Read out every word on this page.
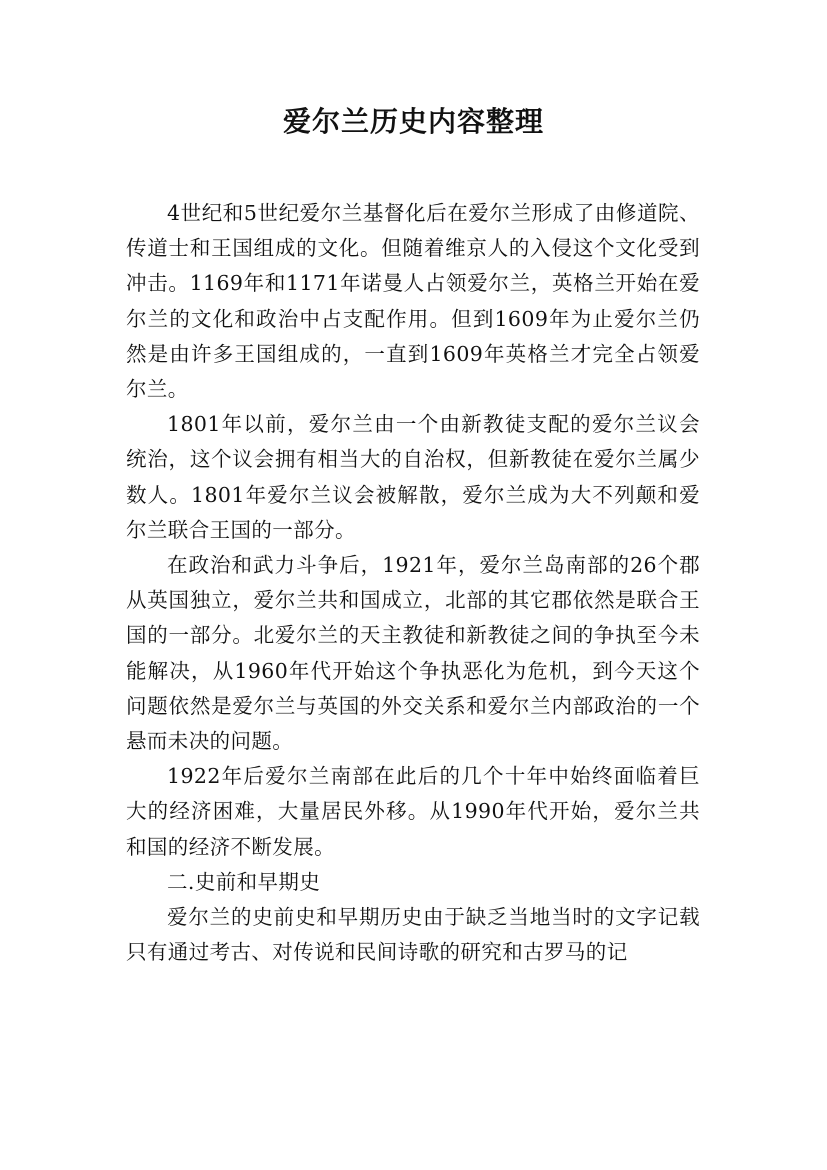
爱尔兰历史内容整理

4世纪和5世纪爱尔兰基督化后在爱尔兰形成了由修道院、传道士和王国组成的文化。但随着维京人的入侵这个文化受到冲击。1169年和1171年诺曼人占领爱尔兰，英格兰开始在爱尔兰的文化和政治中占支配作用。但到1609年为止爱尔兰仍然是由许多王国组成的，一直到1609年英格兰才完全占领爱尔兰。

1801年以前，爱尔兰由一个由新教徒支配的爱尔兰议会统治，这个议会拥有相当大的自治权，但新教徒在爱尔兰属少数人。1801年爱尔兰议会被解散，爱尔兰成为大不列颠和爱尔兰联合王国的一部分。

在政治和武力斗争后，1921年，爱尔兰岛南部的26个郡从英国独立，爱尔兰共和国成立，北部的其它郡依然是联合王国的一部分。北爱尔兰的天主教徒和新教徒之间的争执至今未能解决，从1960年代开始这个争执恶化为危机，到今天这个问题依然是爱尔兰与英国的外交关系和爱尔兰内部政治的一个悬而未决的问题。

1922年后爱尔兰南部在此后的几个十年中始终面临着巨大的经济困难，大量居民外移。从1990年代开始，爱尔兰共和国的经济不断发展。

二.史前和早期史

爱尔兰的史前史和早期历史由于缺乏当地当时的文字记载只有通过考古、对传说和民间诗歌的研究和古罗马的记
